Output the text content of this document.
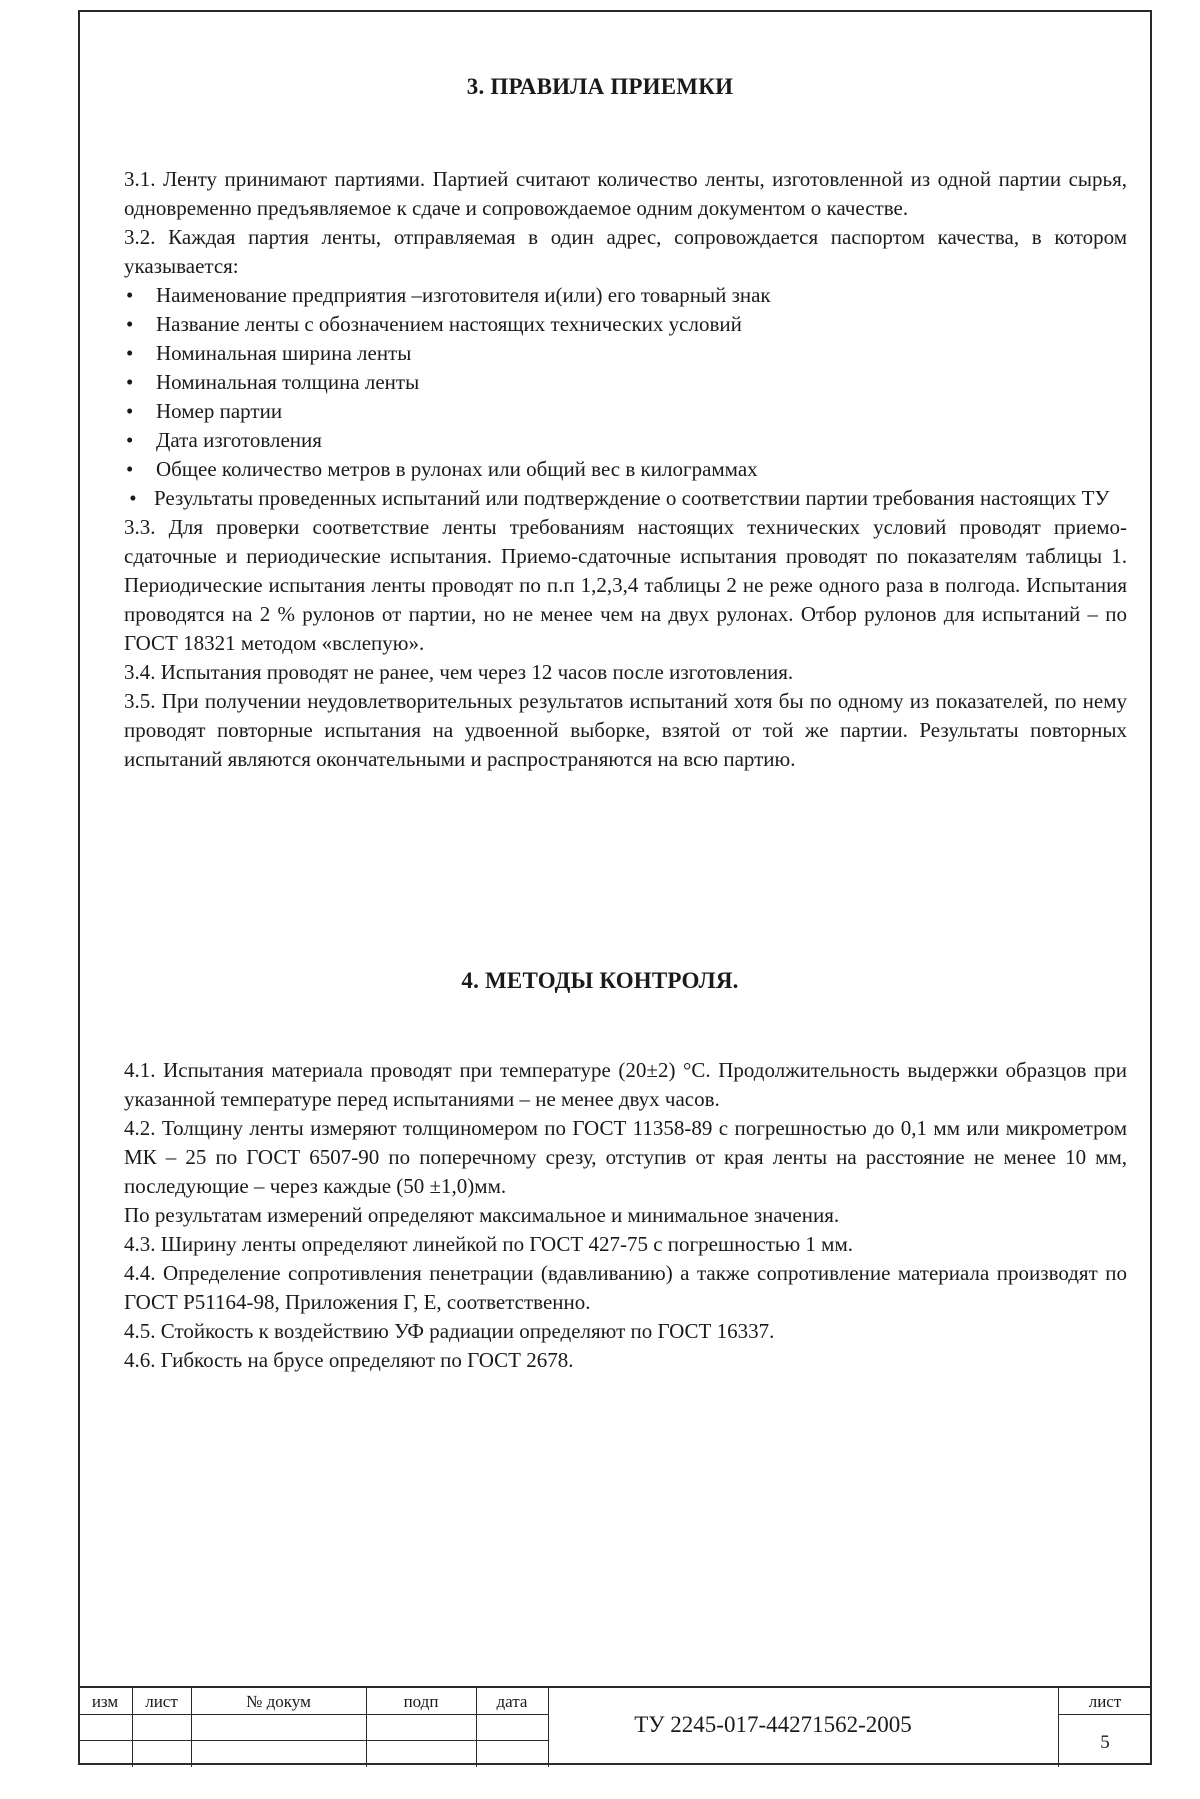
3. ПРАВИЛА ПРИЕМКИ

3.1. Ленту принимают партиями. Партией считают количество ленты, изготовленной из одной партии сырья, одновременно предъявляемое к сдаче и сопровождаемое одним документом о качестве.

3.2. Каждая партия ленты, отправляемая в один адрес, сопровождается паспортом качества, в котором указывается:

• Наименование предприятия –изготовителя и(или) его товарный знак

• Название ленты с обозначением настоящих технических условий

• Номинальная ширина ленты

• Номинальная толщина ленты

• Номер партии

• Дата изготовления

• Общее количество метров в рулонах или общий вес в килограммах

• Результаты проведенных испытаний или подтверждение о соответствии партии требования настоящих ТУ

3.3. Для проверки соответствие ленты требованиям настоящих технических условий проводят приемо-сдаточные и периодические испытания. Приемо-сдаточные испытания проводят по показателям таблицы 1. Периодические испытания ленты проводят по п.п 1,2,3,4 таблицы 2 не реже одного раза в полгода. Испытания проводятся на 2 % рулонов от партии, но не менее чем на двух рулонах. Отбор рулонов для испытаний – по ГОСТ 18321 методом «вслепую».

3.4. Испытания проводят не ранее, чем через 12 часов после изготовления.

3.5. При получении неудовлетворительных результатов испытаний хотя бы по одному из показателей, по нему проводят повторные испытания на удвоенной выборке, взятой от той же партии. Результаты повторных испытаний являются окончательными и распространяются на всю партию.

4. МЕТОДЫ КОНТРОЛЯ.

4.1. Испытания материала проводят при температуре (20±2) °С. Продолжительность выдержки образцов при указанной температуре перед испытаниями – не менее двух часов.

4.2. Толщину ленты измеряют толщиномером по ГОСТ 11358-89 с погрешностью до 0,1 мм или микрометром МК – 25 по ГОСТ 6507-90 по поперечному срезу, отступив от края ленты на расстояние не менее 10 мм, последующие – через каждые (50 ±1,0)мм.

По результатам измерений определяют максимальное и минимальное значения.

4.3. Ширину ленты определяют линейкой по ГОСТ 427-75 с погрешностью 1 мм.

4.4. Определение сопротивления пенетрации (вдавливанию) а также сопротивление материала производят по ГОСТ Р51164-98, Приложения Г, Е, соответственно.

4.5. Стойкость к воздействию УФ радиации определяют по ГОСТ 16337.

4.6. Гибкость на брусе определяют по ГОСТ 2678.

изм	лист	№ докум	подп	дата
ТУ 2245-017-44271562-2005
лист
5
